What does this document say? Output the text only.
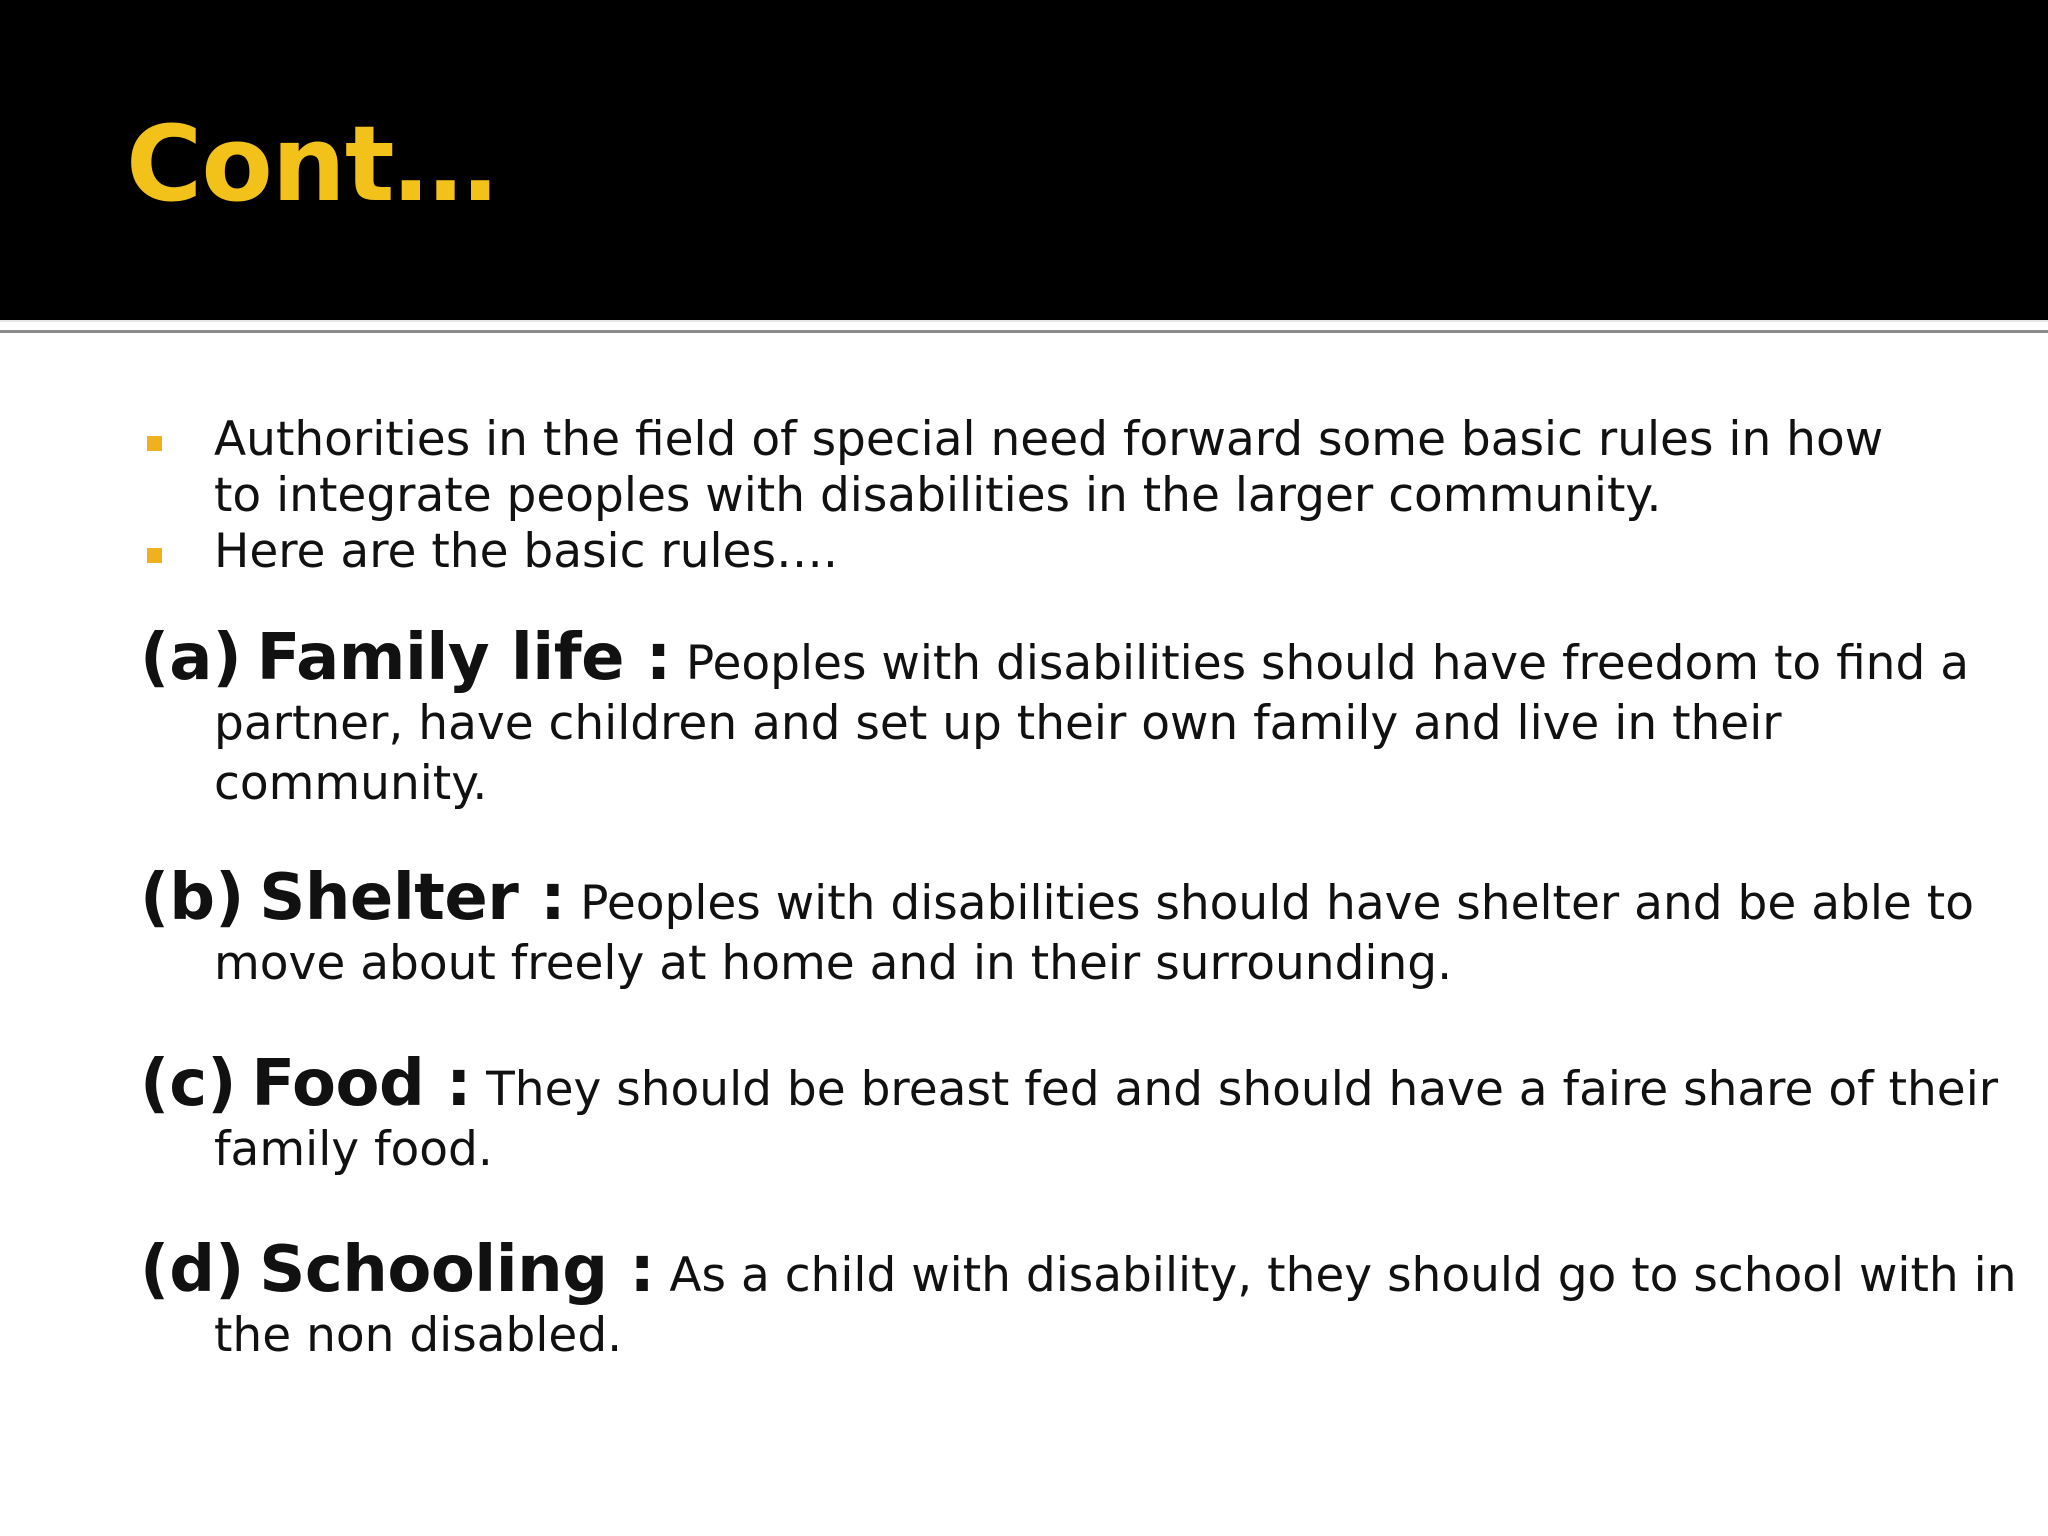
Cont…
Authorities in the field of special need forward some basic rules in how to integrate peoples with disabilities in the larger community.
Here are the basic rules….
(a) Family life : Peoples with disabilities should have freedom to find a partner, have children and set up their own family and live in their community.
(b) Shelter : Peoples with disabilities should have shelter and be able to move about freely at home and in their surrounding.
(c) Food : They should be breast fed and should have a faire share of their family food.
(d) Schooling : As a child with disability, they should go to school with in the non disabled.
